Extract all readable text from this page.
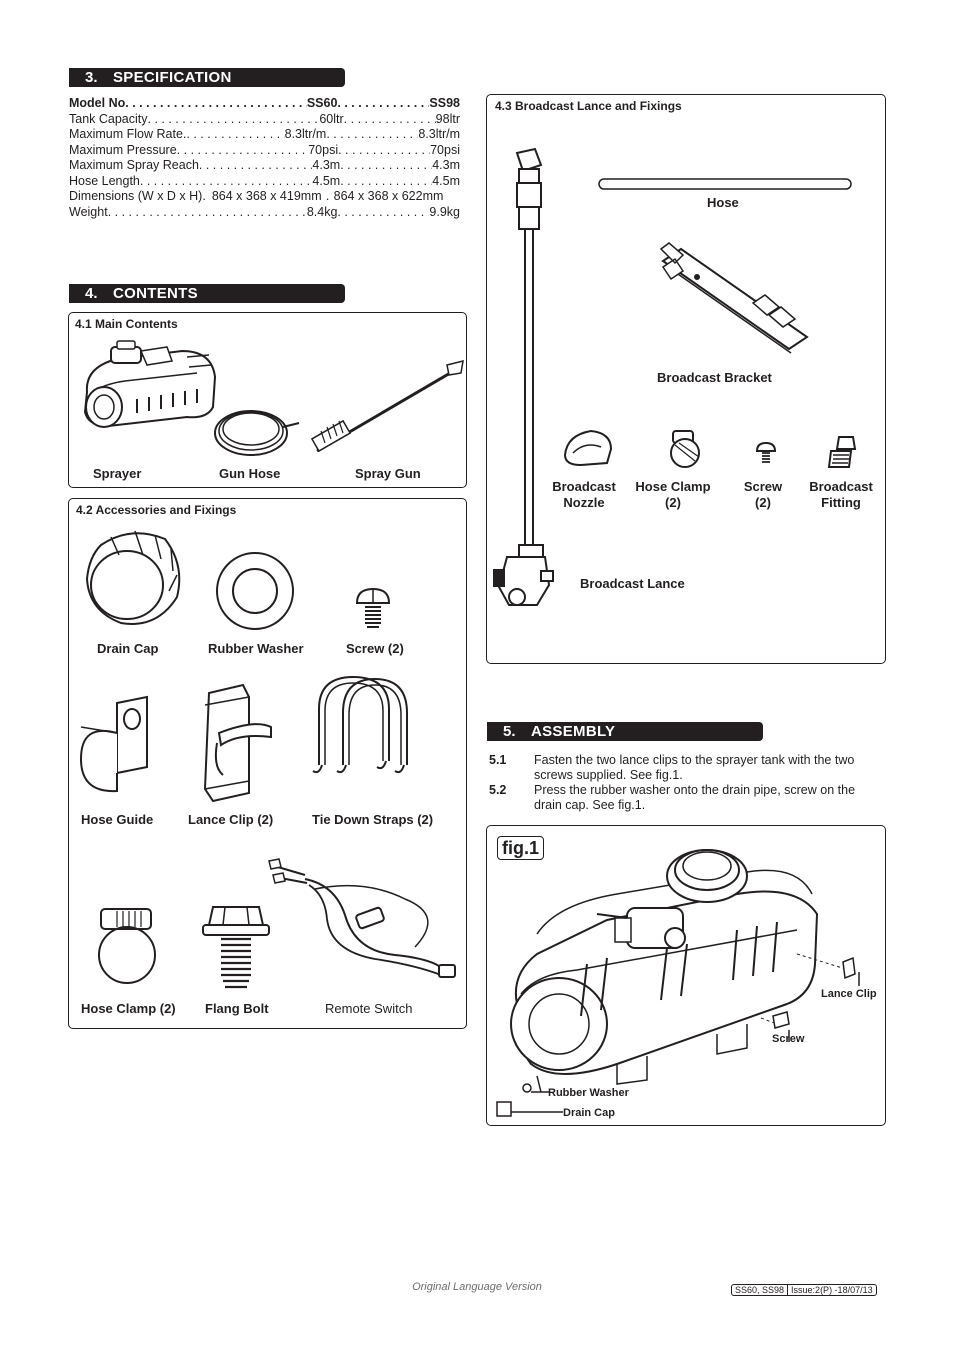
3. SPECIFICATION
Model No . . .	SS60 . . .	SS98
Tank Capacity . . .	60ltr . . .	98ltr
Maximum Flow Rate. . . .	8.3ltr/m . . .	8.3ltr/m
Maximum Pressure . . .	70psi . . .	70psi
Maximum Spray Reach . . .	4.3m . . .	4.3m
Hose Length . . .	4.5m . . .	4.5m
Dimensions (W x D x H). 864 x 368 x 419mm . 864 x 368 x 622mm
Weight . . .	8.4kg . . .	9.9kg
4. CONTENTS
4.1 Main Contents
Sprayer	Gun Hose	Spray Gun
4.2 Accessories and Fixings
Drain Cap	Rubber Washer	Screw (2)
Hose Guide	Lance Clip (2)	Tie Down Straps (2)
Hose Clamp (2) Flang Bolt	Remote Switch
4.3 Broadcast Lance and Fixings
Hose
Broadcast Bracket
Broadcast
Nozzle
Hose Clamp
(2)
Screw
(2)
Broadcast
Fitting
Broadcast Lance
5. ASSEMBLY
5.1 Fasten the two lance clips to the sprayer tank with the two screws supplied. See fig.1.
5.2 Press the rubber washer onto the drain pipe, screw on the drain cap. See fig.1.
fig.1
Lance Clip
Screw
Rubber Washer
Drain Cap
Original Language Version	SS60, SS98 Issue:2(P) -18/07/13
